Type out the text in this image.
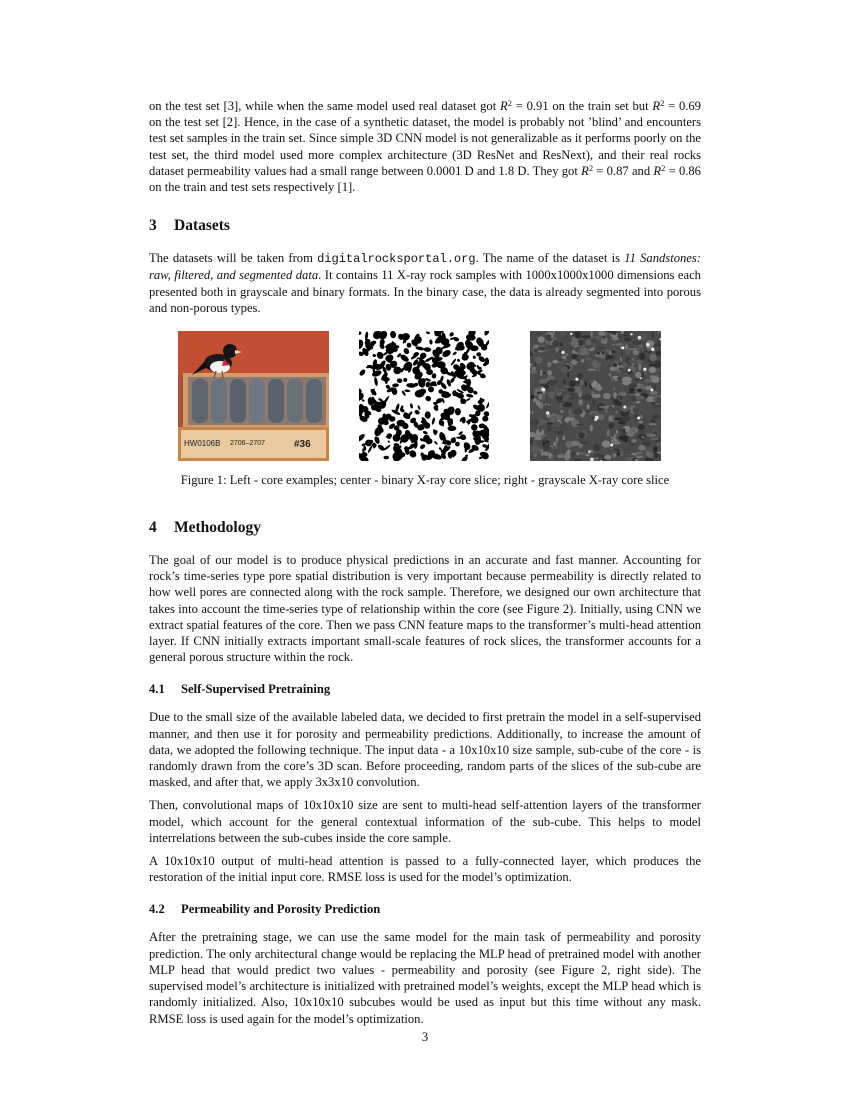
on the test set [3], while when the same model used real dataset got $R^2 = 0.91$ on the train set but $R^2 = 0.69$ on the test set [2]. Hence, in the case of a synthetic dataset, the model is probably not ’blind’ and encounters test set samples in the train set. Since simple 3D CNN model is not generalizable as it performs poorly on the test set, the third model used more complex architecture (3D ResNet and ResNext), and their real rocks dataset permeability values had a small range between 0.0001 D and 1.8 D. They got $R^2 = 0.87$ and $R^2 = 0.86$ on the train and test sets respectively [1].

3 Datasets

The datasets will be taken from digitalrocksportal.org. The name of the dataset is 11 Sandstones: raw, filtered, and segmented data. It contains 11 X-ray rock samples with 1000x1000x1000 dimensions each presented both in grayscale and binary formats. In the binary case, the data is already segmented into porous and non-porous types.

HW0106B 2706–2707	#36
Figure 1: Left - core examples; center - binary X-ray core slice; right - grayscale X-ray core slice
4 Methodology

The goal of our model is to produce physical predictions in an accurate and fast manner. Accounting for rock’s time-series type pore spatial distribution is very important because permeability is directly related to how well pores are connected along with the rock sample. Therefore, we designed our own architecture that takes into account the time-series type of relationship within the core (see Figure 2). Initially, using CNN we extract spatial features of the core. Then we pass CNN feature maps to the transformer’s multi-head attention layer. If CNN initially extracts important small-scale features of rock slices, the transformer accounts for a general porous structure within the rock.

4.1 Self-Supervised Pretraining

Due to the small size of the available labeled data, we decided to first pretrain the model in a self-supervised manner, and then use it for porosity and permeability predictions. Additionally, to increase the amount of data, we adopted the following technique. The input data - a 10x10x10 size sample, sub-cube of the core - is randomly drawn from the core’s 3D scan. Before proceeding, random parts of the slices of the sub-cube are masked, and after that, we apply 3x3x10 convolution.

Then, convolutional maps of 10x10x10 size are sent to multi-head self-attention layers of the transformer model, which account for the general contextual information of the sub-cube. This helps to model interrelations between the sub-cubes inside the core sample.

A 10x10x10 output of multi-head attention is passed to a fully-connected layer, which produces the restoration of the initial input core. RMSE loss is used for the model’s optimization.

4.2 Permeability and Porosity Prediction

After the pretraining stage, we can use the same model for the main task of permeability and porosity prediction. The only architectural change would be replacing the MLP head of pretrained model with another MLP head that would predict two values - permeability and porosity (see Figure 2, right side). The supervised model’s architecture is initialized with pretrained model’s weights, except the MLP head which is randomly initialized. Also, 10x10x10 subcubes would be used as input but this time without any mask. RMSE loss is used again for the model’s optimization.

3
